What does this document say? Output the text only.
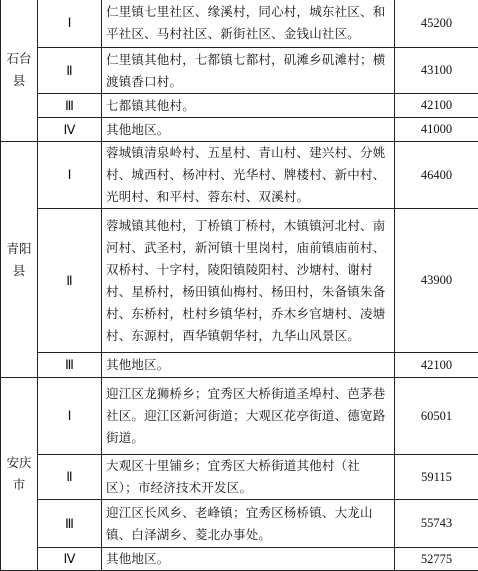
石台
县	Ⅰ	仁里镇七里社区、缘溪村，同心村，城东社区、和平社区、马村社区、新街社区、金钱山社区。	45200
	Ⅱ	仁里镇其他村，七都镇七都村，矶滩乡矶滩村；横渡镇香口村。	43100
	Ⅲ	七都镇其他村。	42100
	Ⅳ	其他地区。	41000

青阳
县	Ⅰ	蓉城镇清泉岭村、五星村、青山村、建兴村、分姚村、城西村、杨冲村、光华村、牌楼村、新中村、光明村、和平村、蓉东村、双溪村。	46400
	Ⅱ	蓉城镇其他村，丁桥镇丁桥村，木镇镇河北村、南河村、武圣村，新河镇十里岗村，庙前镇庙前村、双桥村、十字村，陵阳镇陵阳村、沙塘村、谢村村、星桥村，杨田镇仙梅村、杨田村，朱备镇朱备村、东桥村，杜村乡镇华村，乔木乡官塘村、凌塘村、东源村，酉华镇朝华村，九华山风景区。	43900
	Ⅲ	其他地区。	42100

安庆
市	Ⅰ	迎江区龙狮桥乡；宜秀区大桥街道圣埠村、芭茅巷社区。迎江区新河街道；大观区花亭街道、德宽路街道。	60501
	Ⅱ	大观区十里铺乡；宜秀区大桥街道其他村（社区）；市经济技术开发区。	59115
	Ⅲ	迎江区长风乡、老峰镇；宜秀区杨桥镇、大龙山镇、白泽湖乡、菱北办事处。	55743
	Ⅳ	其他地区。	52775
